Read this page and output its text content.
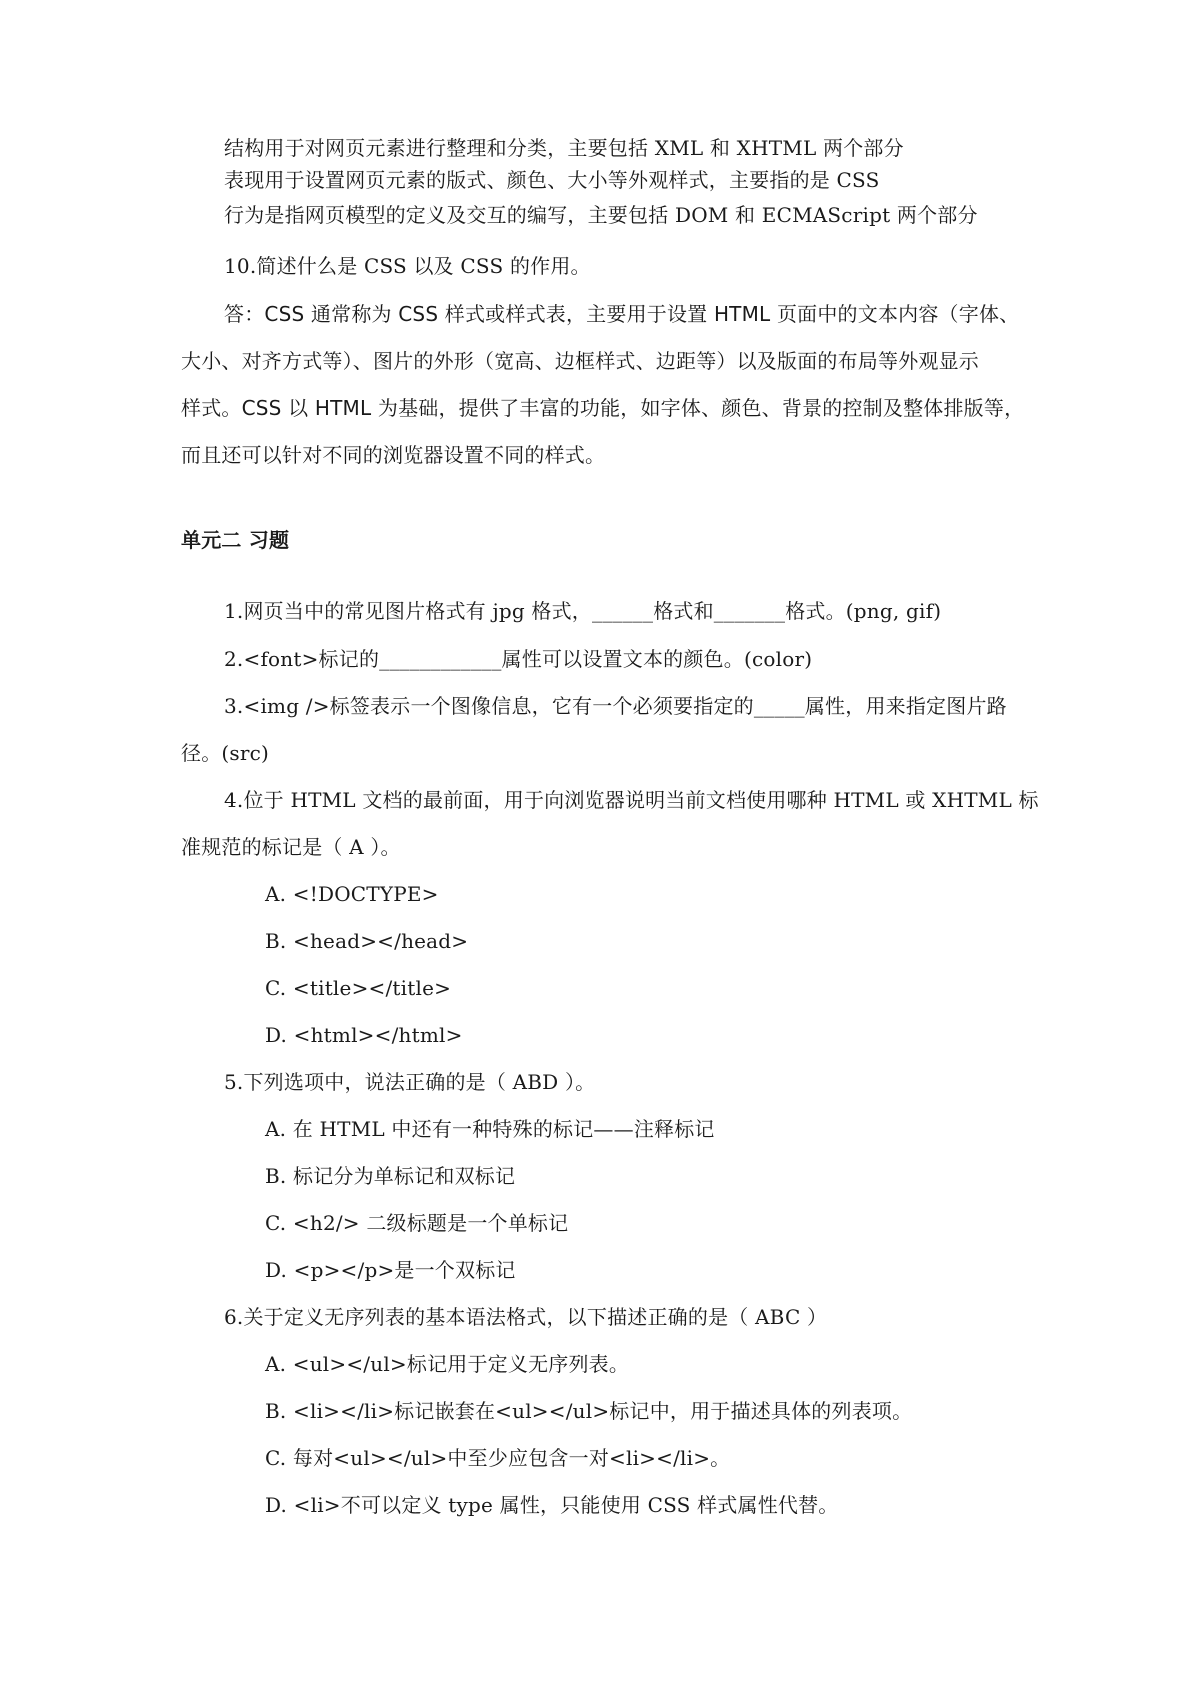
结构用于对网页元素进行整理和分类，主要包括 XML 和 XHTML 两个部分
表现用于设置网页元素的版式、颜色、大小等外观样式，主要指的是 CSS
行为是指网页模型的定义及交互的编写，主要包括 DOM 和 ECMAScript 两个部分
10.简述什么是 CSS 以及 CSS 的作用。
答：CSS 通常称为 CSS 样式或样式表，主要用于设置 HTML 页面中的文本内容（字体、
大小、对齐方式等）、图片的外形（宽高、边框样式、边距等）以及版面的布局等外观显示
样式。CSS 以 HTML 为基础，提供了丰富的功能，如字体、颜色、背景的控制及整体排版等，
而且还可以针对不同的浏览器设置不同的样式。
单元二 习题
1.网页当中的常见图片格式有 jpg 格式，______格式和_______格式。(png, gif)
2.<font>标记的____________属性可以设置文本的颜色。(color)
3.<img />标签表示一个图像信息，它有一个必须要指定的_____属性，用来指定图片路
径。(src)
4.位于 HTML 文档的最前面，用于向浏览器说明当前文档使用哪种 HTML 或 XHTML 标
准规范的标记是（ A ）。
A. <!DOCTYPE>
B. <head></head>
C. <title></title>
D. <html></html>
5.下列选项中，说法正确的是（ ABD ）。
A. 在 HTML 中还有一种特殊的标记——注释标记
B. 标记分为单标记和双标记
C. <h2/> 二级标题是一个单标记
D. <p></p>是一个双标记
6.关于定义无序列表的基本语法格式，以下描述正确的是（ ABC ）
A. <ul></ul>标记用于定义无序列表。
B. <li></li>标记嵌套在<ul></ul>标记中，用于描述具体的列表项。
C. 每对<ul></ul>中至少应包含一对<li></li>。
D. <li>不可以定义 type 属性，只能使用 CSS 样式属性代替。
